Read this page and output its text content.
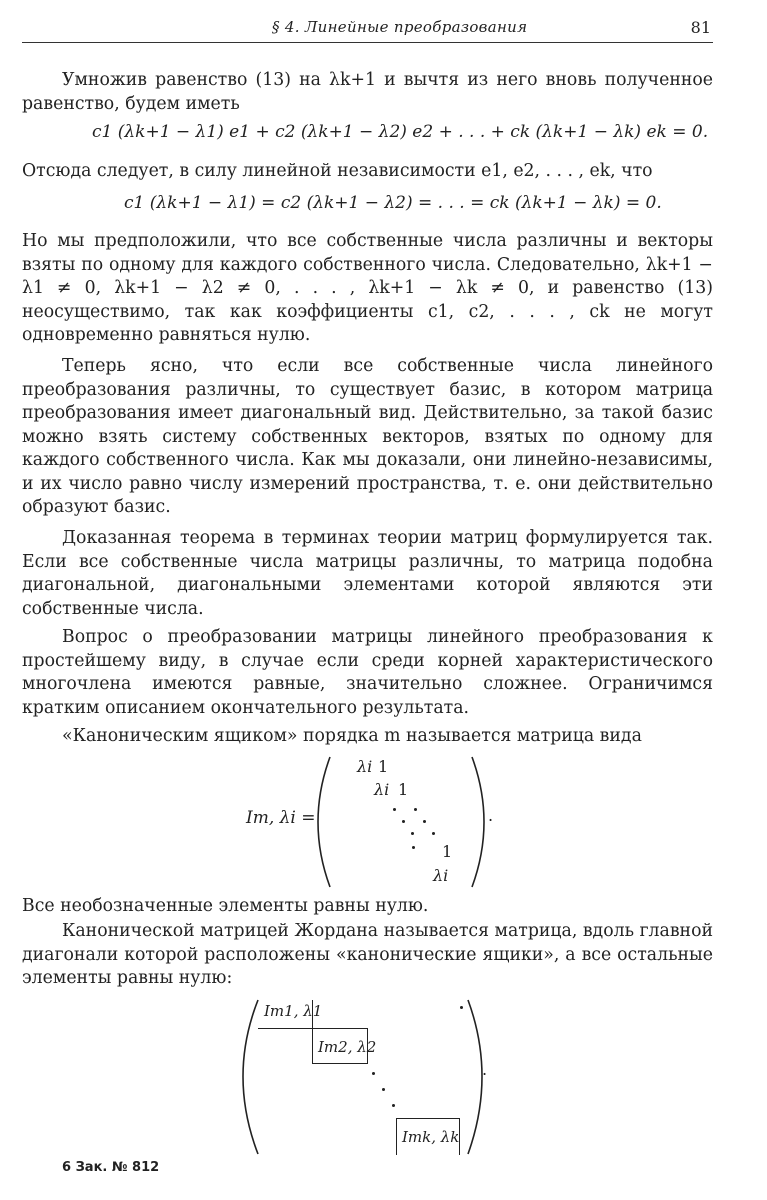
§ 4. Линейные преобразования	81

Умножив равенство (13) на λk+1 и вычтя из него вновь полученное равенство, будем иметь

c1 (λk+1 − λ1) e1 + c2 (λk+1 − λ2) e2 + . . . + ck (λk+1 − λk) ek = 0.

Отсюда следует, в силу линейной независимости e1, e2, . . . , ek, что

c1 (λk+1 − λ1) = c2 (λk+1 − λ2) = . . . = ck (λk+1 − λk) = 0.

Но мы предположили, что все собственные числа различны и векторы взяты по одному для каждого собственного числа. Следовательно, λk+1 − λ1 ≠ 0, λk+1 − λ2 ≠ 0, . . . , λk+1 − λk ≠ 0, и равенство (13) неосуществимо, так как коэффициенты c1, c2, . . . , ck не могут одновременно равняться нулю.

Теперь ясно, что если все собственные числа линейного преобразования различны, то существует базис, в котором матрица преобразования имеет диагональный вид. Действительно, за такой базис можно взять систему собственных векторов, взятых по одному для каждого собственного числа. Как мы доказали, они линейно-независимы, и их число равно числу измерений пространства, т. е. они действительно образуют базис.

Доказанная теорема в терминах теории матриц формулируется так. Если все собственные числа матрицы различны, то матрица подобна диагональной, диагональными элементами которой являются эти собственные числа.

Вопрос о преобразовании матрицы линейного преобразования к простейшему виду, в случае если среди корней характеристического многочлена имеются равные, значительно сложнее. Ограничимся кратким описанием окончательного результата.

«Каноническим ящиком» порядка m называется матрица вида

Im, λi =
λi 1
λi 1
1
λi
.

Все необозначенные элементы равны нулю.

Канонической матрицей Жордана называется матрица, вдоль главной диагонали которой расположены «канонические ящики», а все остальные элементы равны нулю:

Im1, λ1
Im2, λ2
Imk, λk
.
6 Зак. № 812
